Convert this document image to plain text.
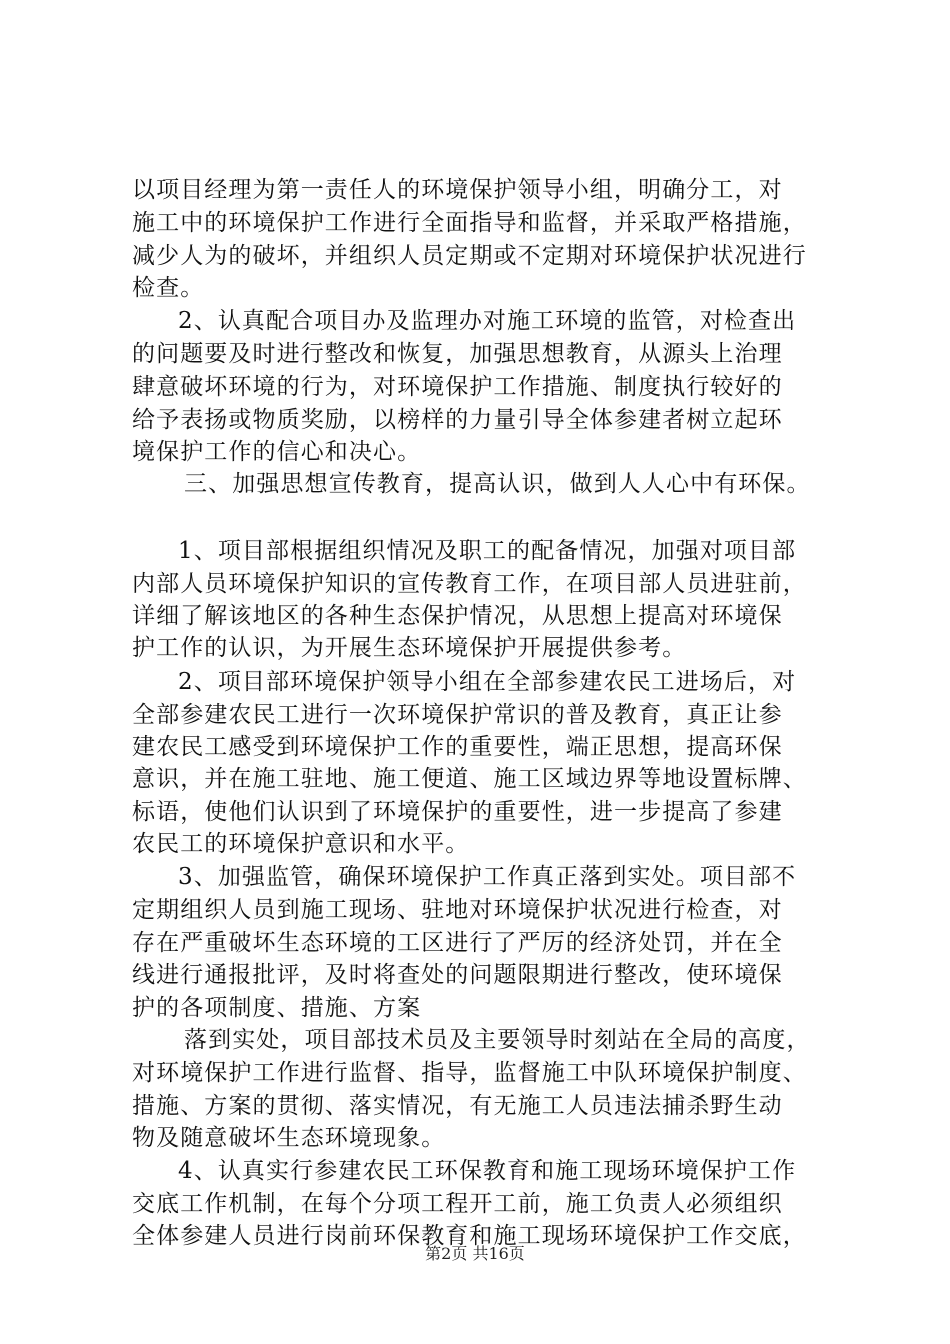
以项目经理为第一责任人的环境保护领导小组，明确分工，对
施工中的环境保护工作进行全面指导和监督，并采取严格措施，
减少人为的破坏，并组织人员定期或不定期对环境保护状况进行
检查。
2、认真配合项目办及监理办对施工环境的监管，对检查出
的问题要及时进行整改和恢复，加强思想教育，从源头上治理
肆意破坏环境的行为，对环境保护工作措施、制度执行较好的
给予表扬或物质奖励，以榜样的力量引导全体参建者树立起环
境保护工作的信心和决心。
三、加强思想宣传教育，提高认识，做到人人心中有环保。
1、项目部根据组织情况及职工的配备情况，加强对项目部
内部人员环境保护知识的宣传教育工作，在项目部人员进驻前，
详细了解该地区的各种生态保护情况，从思想上提高对环境保
护工作的认识，为开展生态环境保护开展提供参考。
2、项目部环境保护领导小组在全部参建农民工进场后，对
全部参建农民工进行一次环境保护常识的普及教育，真正让参
建农民工感受到环境保护工作的重要性，端正思想，提高环保
意识，并在施工驻地、施工便道、施工区域边界等地设置标牌、
标语，使他们认识到了环境保护的重要性，进一步提高了参建
农民工的环境保护意识和水平。
3、加强监管，确保环境保护工作真正落到实处。项目部不
定期组织人员到施工现场、驻地对环境保护状况进行检查，对
存在严重破坏生态环境的工区进行了严厉的经济处罚，并在全
线进行通报批评，及时将查处的问题限期进行整改，使环境保
护的各项制度、措施、方案
落到实处，项目部技术员及主要领导时刻站在全局的高度，
对环境保护工作进行监督、指导，监督施工中队环境保护制度、
措施、方案的贯彻、落实情况，有无施工人员违法捕杀野生动
物及随意破坏生态环境现象。
4、认真实行参建农民工环保教育和施工现场环境保护工作
交底工作机制，在每个分项工程开工前，施工负责人必须组织
全体参建人员进行岗前环保教育和施工现场环境保护工作交底，
第2页 共16页
